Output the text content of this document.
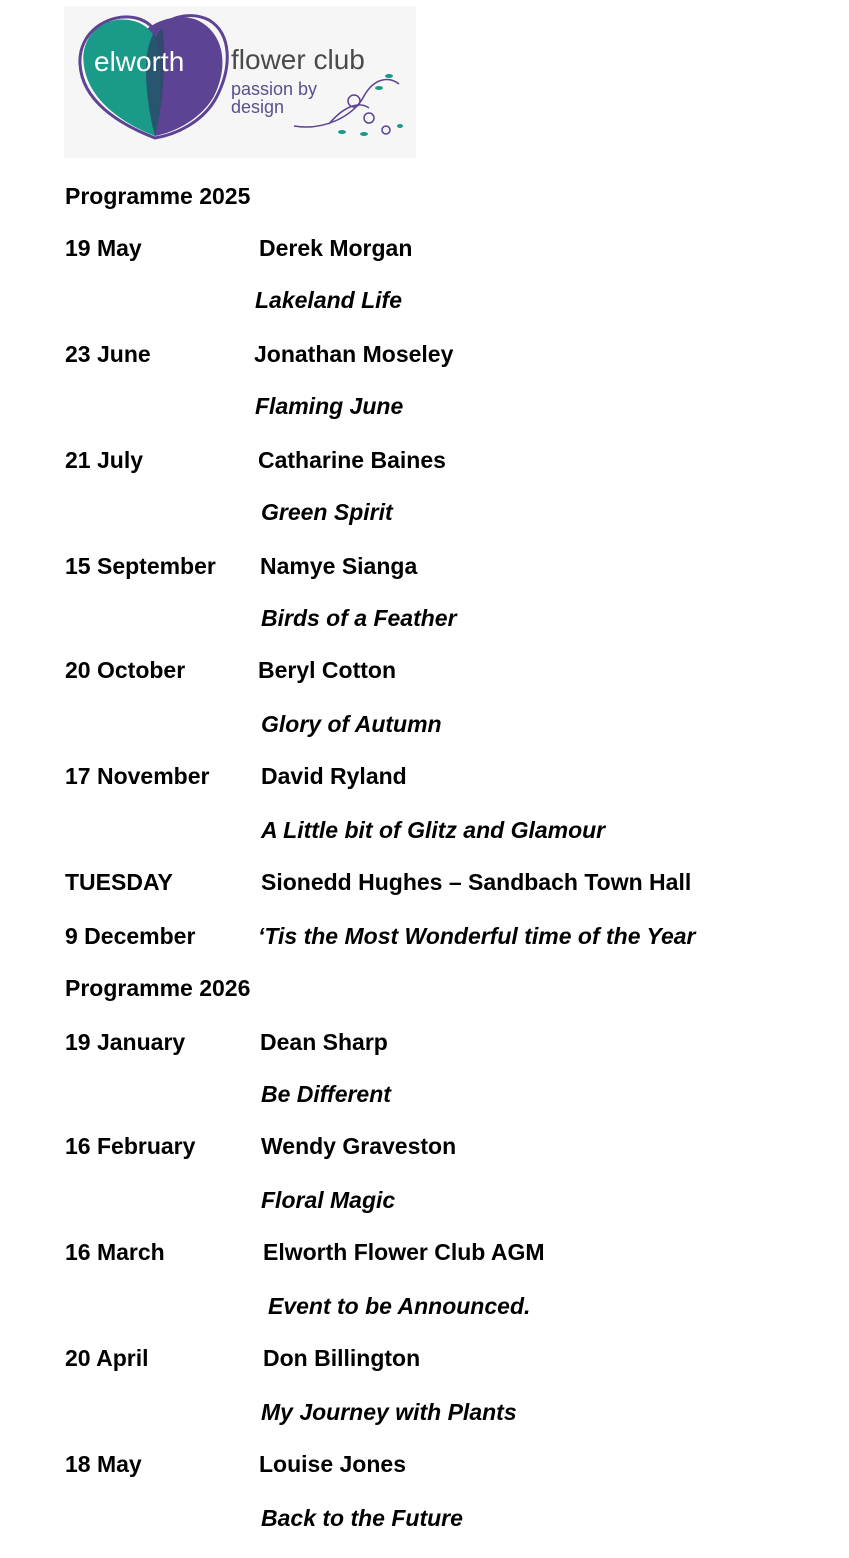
elworth flower club
passion by
design
Programme 2025
19 May	Derek Morgan
Lakeland Life
23 June	Jonathan Moseley
Flaming June
21 July	Catharine Baines
Green Spirit
15 September Namye Sianga
Birds of a Feather
20 October	Beryl Cotton
Glory of Autumn
17 November David Ryland
A Little bit of Glitz and Glamour
TUESDAY	Sionedd Hughes – Sandbach Town Hall
9 December	‘Tis the Most Wonderful time of the Year
Programme 2026
19 January	Dean Sharp
Be Different
16 February	Wendy Graveston
Floral Magic
16 March	Elworth Flower Club AGM
Event to be Announced.
20 April	Don Billington
My Journey with Plants
18 May	Louise Jones
Back to the Future
